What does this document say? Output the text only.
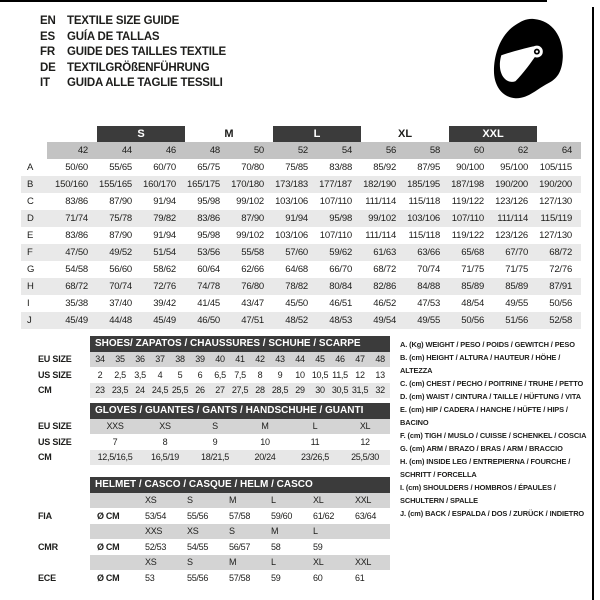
EN TEXTILE SIZE GUIDE
ES	GUÍA DE TALLAS
FR	GUIDE DES TAILLES TEXTILE
DE TEXTILGRÖßENFÜHRUNG
IT	GUIDA ALLE TAGLIE TESSILI
		S		M		L		XL		XXL		
	42	44	46	48	50	52	54	56	58	60	62	64
A	50/60	55/65	60/70	65/75	70/80	75/85	83/88	85/92	87/95	90/100	95/100	105/115
B	150/160	155/165	160/170	165/175	170/180	173/183	177/187	182/190	185/195	187/198	190/200	190/200
C	83/86	87/90	91/94	95/98	99/102	103/106	107/110	111/114	115/118	119/122	123/126	127/130
D	71/74	75/78	79/82	83/86	87/90	91/94	95/98	99/102	103/106	107/110	111/114	115/119
E	83/86	87/90	91/94	95/98	99/102	103/106	107/110	111/114	115/118	119/122	123/126	127/130
F	47/50	49/52	51/54	53/56	55/58	57/60	59/62	61/63	63/66	65/68	67/70	68/72
G	54/58	56/60	58/62	60/64	62/66	64/68	66/70	68/72	70/74	71/75	71/75	72/76
H	68/72	70/74	72/76	74/78	76/80	78/82	80/84	82/86	84/88	85/89	85/89	87/91
I	35/38	37/40	39/42	41/45	43/47	45/50	46/51	46/52	47/53	48/54	49/55	50/56
J	45/49	44/48	45/49	46/50	47/51	48/52	48/53	49/54	49/55	50/56	51/56	52/58
	SHOES/ ZAPATOS / CHAUSSURES / SCHUHE / SCARPE														
EU SIZE	34	35	36	37	38	39	40	41	42	43	44	45	46	47	48
US SIZE	2	2,5	3,5	4	5	6	6,5	7,5	8	9	10	10,5	11,5	12	13
CM	23	23,5	24	24,5	25,5	26	27	27,5	28	28,5	29	30	30,5	31,5	32
	GLOVES / GUANTES / GANTS / HANDSCHUHE / GUANTI					
EU SIZE	XXS	XS	S	M	L	XL
US SIZE	7	8	9	10	11	12
CM	12,5/16,5	16,5/19	18/21,5	20/24	23/26,5	25,5/30
	HELMET / CASCO / CASQUE / HELM / CASCO						
		XS	S	M	L	XL	XXL
FIA	Ø CM	53/54	55/56	57/58	59/60	61/62	63/64
		XXS	XS	S	M	L	
CMR	Ø CM	52/53	54/55	56/57	58	59	
		XS	S	M	L	XL	XXL
ECE	Ø CM	53	55/56	57/58	59	60	61
A. (Kg) WEIGHT / PESO / POIDS / GEWITCH / PESO
B. (cm) HEIGHT / ALTURA / HAUTEUR / HÖHE / ALTEZZA
C. (cm) CHEST / PECHO / POITRINE / TRUHE / PETTO
D. (cm) WAIST / CINTURA / TAILLE / HÜFTUNG / VITA
E. (cm) HIP / CADERA / HANCHE / HÜFTE / HIPS / BACINO
F. (cm) TIGH / MUSLO / CUISSE / SCHENKEL / COSCIA
G. (cm) ARM / BRAZO / BRAS / ARM / BRACCIO
H. (cm) INSIDE LEG / ENTREPIERNA / FOURCHE / SCHRITT / FORCELLA
I. (cm) SHOULDERS / HOMBROS / ÉPAULES / SCHULTERN / SPALLE
J. (cm) BACK / ESPALDA / DOS / ZURÜCK / INDIETRO
